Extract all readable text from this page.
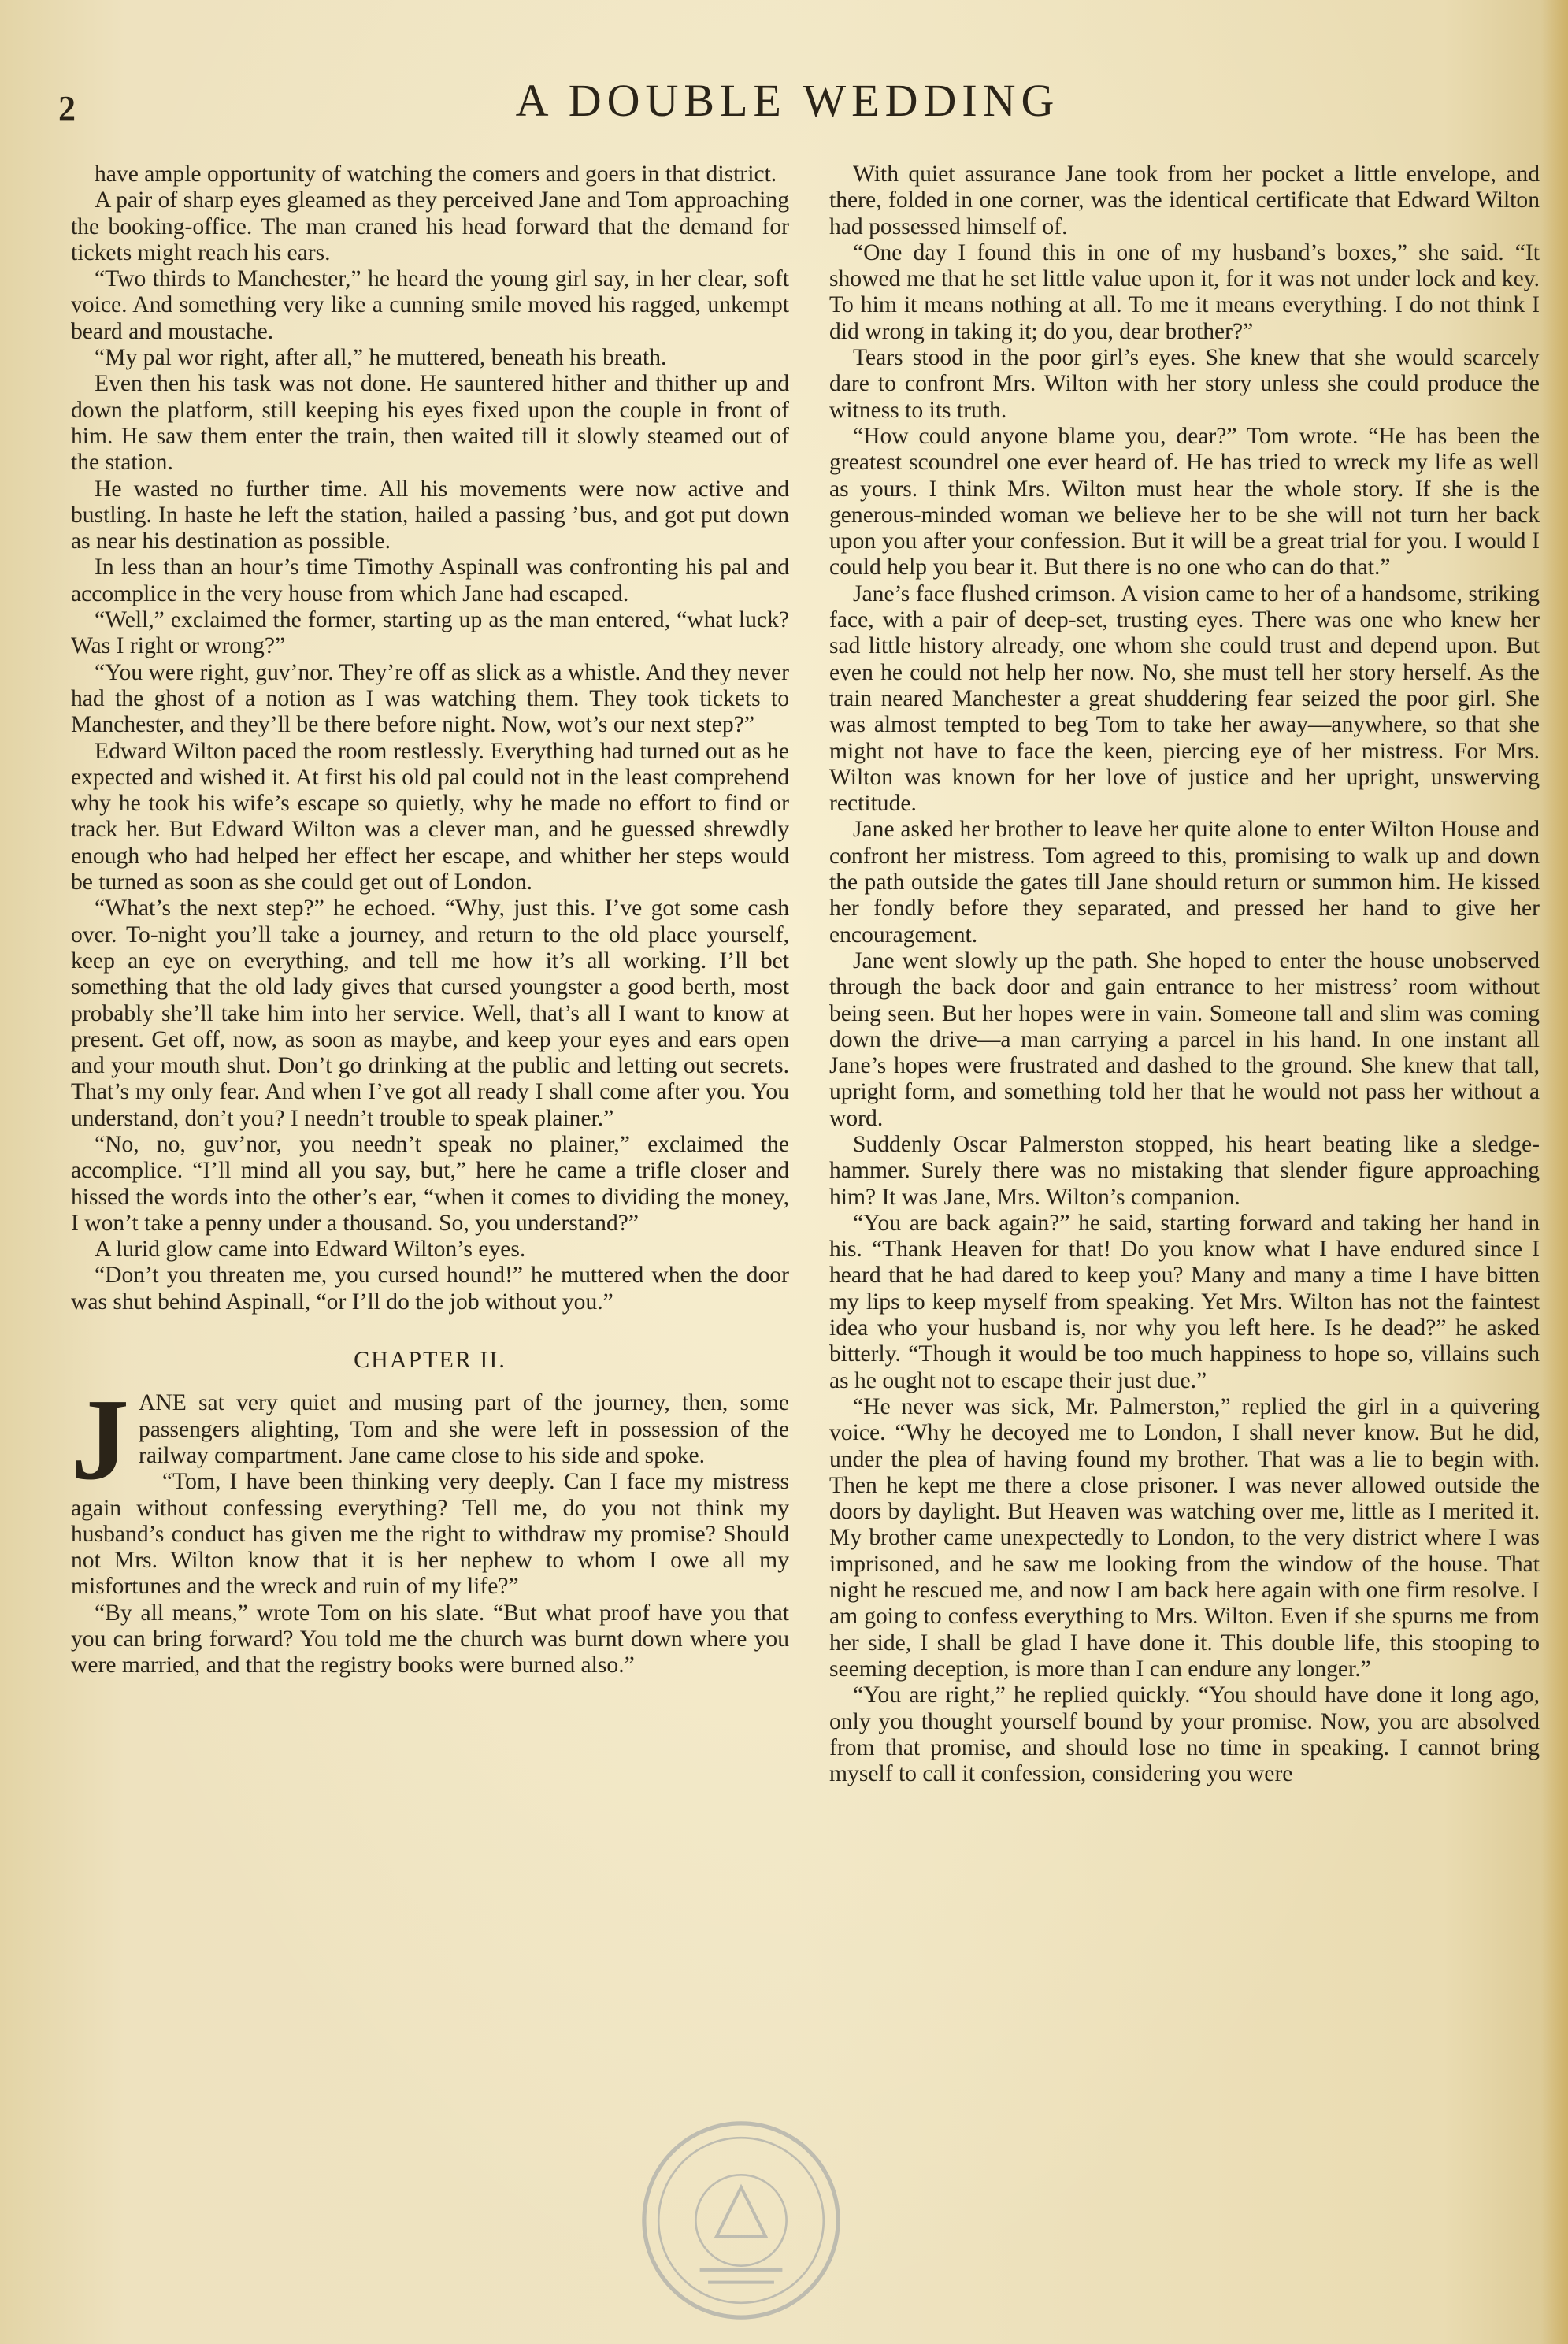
2	A DOUBLE WEDDING

have ample opportunity of watching the comers and goers in that district.

A pair of sharp eyes gleamed as they perceived Jane and Tom approaching the booking-office. The man craned his head forward that the demand for tickets might reach his ears.

“Two thirds to Manchester,” he heard the young girl say, in her clear, soft voice. And something very like a cunning smile moved his ragged, unkempt beard and moustache.

“My pal wor right, after all,” he muttered, beneath his breath.

Even then his task was not done. He sauntered hither and thither up and down the platform, still keeping his eyes fixed upon the couple in front of him. He saw them enter the train, then waited till it slowly steamed out of the station.

He wasted no further time. All his movements were now active and bustling. In haste he left the station, hailed a passing ’bus, and got put down as near his destination as possible.

In less than an hour’s time Timothy Aspinall was confronting his pal and accomplice in the very house from which Jane had escaped.

“Well,” exclaimed the former, starting up as the man entered, “what luck? Was I right or wrong?”

“You were right, guv’nor. They’re off as slick as a whistle. And they never had the ghost of a notion as I was watching them. They took tickets to Manchester, and they’ll be there before night. Now, wot’s our next step?”

Edward Wilton paced the room restlessly. Everything had turned out as he expected and wished it. At first his old pal could not in the least comprehend why he took his wife’s escape so quietly, why he made no effort to find or track her. But Edward Wilton was a clever man, and he guessed shrewdly enough who had helped her effect her escape, and whither her steps would be turned as soon as she could get out of London.

“What’s the next step?” he echoed. “Why, just this. I’ve got some cash over. To-night you’ll take a journey, and return to the old place yourself, keep an eye on everything, and tell me how it’s all working. I’ll bet something that the old lady gives that cursed youngster a good berth, most probably she’ll take him into her service. Well, that’s all I want to know at present. Get off, now, as soon as maybe, and keep your eyes and ears open and your mouth shut. Don’t go drinking at the public and letting out secrets. That’s my only fear. And when I’ve got all ready I shall come after you. You understand, don’t you? I needn’t trouble to speak plainer.”

“No, no, guv’nor, you needn’t speak no plainer,” exclaimed the accomplice. “I’ll mind all you say, but,” here he came a trifle closer and hissed the words into the other’s ear, “when it comes to dividing the money, I won’t take a penny under a thousand. So, you understand?”

A lurid glow came into Edward Wilton’s eyes.

“Don’t you threaten me, you cursed hound!” he muttered when the door was shut behind Aspinall, “or I’ll do the job without you.”

CHAPTER II.

JANE sat very quiet and musing part of the journey, then, some passengers alighting, Tom and she were left in possession of the railway compartment. Jane came close to his side and spoke.

“Tom, I have been thinking very deeply. Can I face my mistress again without confessing everything? Tell me, do you not think my husband’s conduct has given me the right to withdraw my promise? Should not Mrs. Wilton know that it is her nephew to whom I owe all my misfortunes and the wreck and ruin of my life?”

“By all means,” wrote Tom on his slate. “But what proof have you that you can bring forward? You told me the church was burnt down where you were married, and that the registry books were burned also.”

With quiet assurance Jane took from her pocket a little envelope, and there, folded in one corner, was the identical certificate that Edward Wilton had possessed himself of.

“One day I found this in one of my husband’s boxes,” she said. “It showed me that he set little value upon it, for it was not under lock and key. To him it means nothing at all. To me it means everything. I do not think I did wrong in taking it; do you, dear brother?”

Tears stood in the poor girl’s eyes. She knew that she would scarcely dare to confront Mrs. Wilton with her story unless she could produce the witness to its truth.

“How could anyone blame you, dear?” Tom wrote. “He has been the greatest scoundrel one ever heard of. He has tried to wreck my life as well as yours. I think Mrs. Wilton must hear the whole story. If she is the generous-minded woman we believe her to be she will not turn her back upon you after your confession. But it will be a great trial for you. I would I could help you bear it. But there is no one who can do that.”

Jane’s face flushed crimson. A vision came to her of a handsome, striking face, with a pair of deep-set, trusting eyes. There was one who knew her sad little history already, one whom she could trust and depend upon. But even he could not help her now. No, she must tell her story herself. As the train neared Manchester a great shuddering fear seized the poor girl. She was almost tempted to beg Tom to take her away—anywhere, so that she might not have to face the keen, piercing eye of her mistress. For Mrs. Wilton was known for her love of justice and her upright, unswerving rectitude.

Jane asked her brother to leave her quite alone to enter Wilton House and confront her mistress. Tom agreed to this, promising to walk up and down the path outside the gates till Jane should return or summon him. He kissed her fondly before they separated, and pressed her hand to give her encouragement.

Jane went slowly up the path. She hoped to enter the house unobserved through the back door and gain entrance to her mistress’ room without being seen. But her hopes were in vain. Someone tall and slim was coming down the drive—a man carrying a parcel in his hand. In one instant all Jane’s hopes were frustrated and dashed to the ground. She knew that tall, upright form, and something told her that he would not pass her without a word.

Suddenly Oscar Palmerston stopped, his heart beating like a sledge-hammer. Surely there was no mistaking that slender figure approaching him? It was Jane, Mrs. Wilton’s companion.

“You are back again?” he said, starting forward and taking her hand in his. “Thank Heaven for that! Do you know what I have endured since I heard that he had dared to keep you? Many and many a time I have bitten my lips to keep myself from speaking. Yet Mrs. Wilton has not the faintest idea who your husband is, nor why you left here. Is he dead?” he asked bitterly. “Though it would be too much happiness to hope so, villains such as he ought not to escape their just due.”

“He never was sick, Mr. Palmerston,” replied the girl in a quivering voice. “Why he decoyed me to London, I shall never know. But he did, under the plea of having found my brother. That was a lie to begin with. Then he kept me there a close prisoner. I was never allowed outside the doors by daylight. But Heaven was watching over me, little as I merited it. My brother came unexpectedly to London, to the very district where I was imprisoned, and he saw me looking from the window of the house. That night he rescued me, and now I am back here again with one firm resolve. I am going to confess everything to Mrs. Wilton. Even if she spurns me from her side, I shall be glad I have done it. This double life, this stooping to seeming deception, is more than I can endure any longer.”

“You are right,” he replied quickly. “You should have done it long ago, only you thought yourself bound by your promise. Now, you are absolved from that promise, and should lose no time in speaking. I cannot bring myself to call it confession, considering you were
